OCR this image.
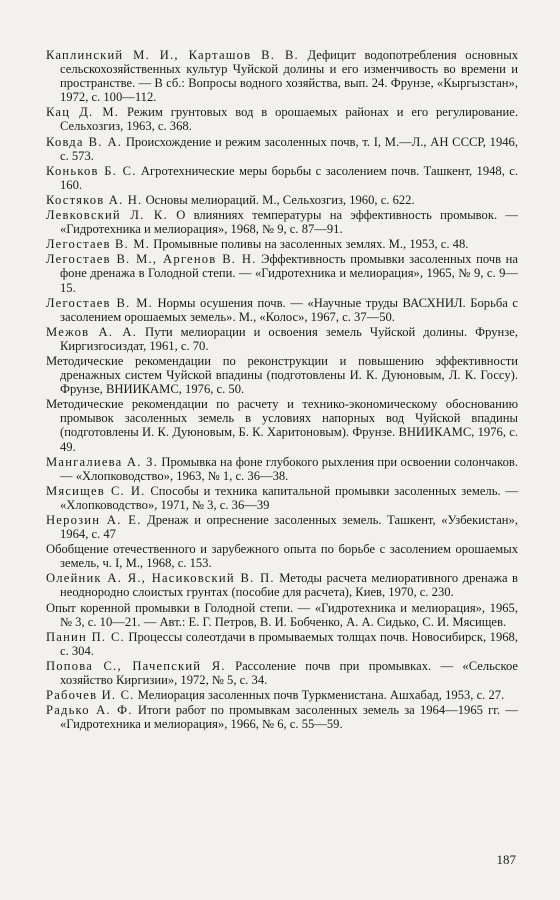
Каплинский М. И., Карташов В. В. Дефицит водопотребления основных сельскохозяйственных культур Чуйской долины и его изменчивость во времени и пространстве. — В сб.: Вопросы водного хозяйства, вып. 24. Фрунзе, «Кыргызстан», 1972, с. 100—112.

Кац Д. М. Режим грунтовых вод в орошаемых районах и его регулирование. Сельхозгиз, 1963, с. 368.

Ковда В. А. Происхождение и режим засоленных почв, т. I, М.—Л., АН СССР, 1946, с. 573.

Коньков Б. С. Агротехнические меры борьбы с засолением почв. Ташкент, 1948, с. 160.

Костяков А. Н. Основы мелиораций. М., Сельхозгиз, 1960, с. 622.

Левковский Л. К. О влияниях температуры на эффективность промывок. — «Гидротехника и мелиорация», 1968, № 9, с. 87—91.

Легостаев В. М. Промывные поливы на засоленных землях. М., 1953, с. 48.

Легостаев В. М., Аргенов В. Н. Эффективность промывки засоленных почв на фоне дренажа в Голодной степи. — «Гидротехника и мелиорация», 1965, № 9, с. 9—15.

Легостаев В. М. Нормы осушения почв. — «Научные труды ВАСХНИЛ. Борьба с засолением орошаемых земель». М., «Колос», 1967, с. 37—50.

Межов А. А. Пути мелиорации и освоения земель Чуйской долины. Фрунзе, Киргизгосиздат, 1961, с. 70.

Методические рекомендации по реконструкции и повышению эффективности дренажных систем Чуйской впадины (подготовлены И. К. Дуюновым, Л. К. Госсу). Фрунзе, ВНИИКАМС, 1976, с. 50.

Методические рекомендации по расчету и технико-экономическому обоснованию промывок засоленных земель в условиях напорных вод Чуйской впадины (подготовлены И. К. Дуюновым, Б. К. Харитоновым). Фрунзе. ВНИИКАМС, 1976, с. 49.

Мангалиева А. З. Промывка на фоне глубокого рыхления при освоении солончаков. — «Хлопководство», 1963, № 1, с. 36—38.

Мясищев С. И. Способы и техника капитальной промывки засоленных земель. — «Хлопководство», 1971, № 3, с. 36—39

Нерозин А. Е. Дренаж и опреснение засоленных земель. Ташкент, «Узбекистан», 1964, с. 47

Обобщение отечественного и зарубежного опыта по борьбе с засолением орошаемых земель, ч. I, М., 1968, с. 153.

Олейник А. Я., Насиковский В. П. Методы расчета мелиоративного дренажа в неоднородно слоистых грунтах (пособие для расчета), Киев, 1970, с. 230.

Опыт коренной промывки в Голодной степи. — «Гидротехника и мелиорация», 1965, № 3, с. 10—21. — Авт.: Е. Г. Петров, В. И. Бобченко, А. А. Сидько, С. И. Мясищев.

Панин П. С. Процессы солеотдачи в промываемых толщах почв. Новосибирск, 1968, с. 304.

Попова С., Пачепский Я. Рассоление почв при промывках. — «Сельское хозяйство Киргизии», 1972, № 5, с. 34.

Рабочев И. С. Мелиорация засоленных почв Туркменистана. Ашхабад, 1953, с. 27.

Радько А. Ф. Итоги работ по промывкам засоленных земель за 1964—1965 гг. — «Гидротехника и мелиорация», 1966, № 6, с. 55—59.

187
